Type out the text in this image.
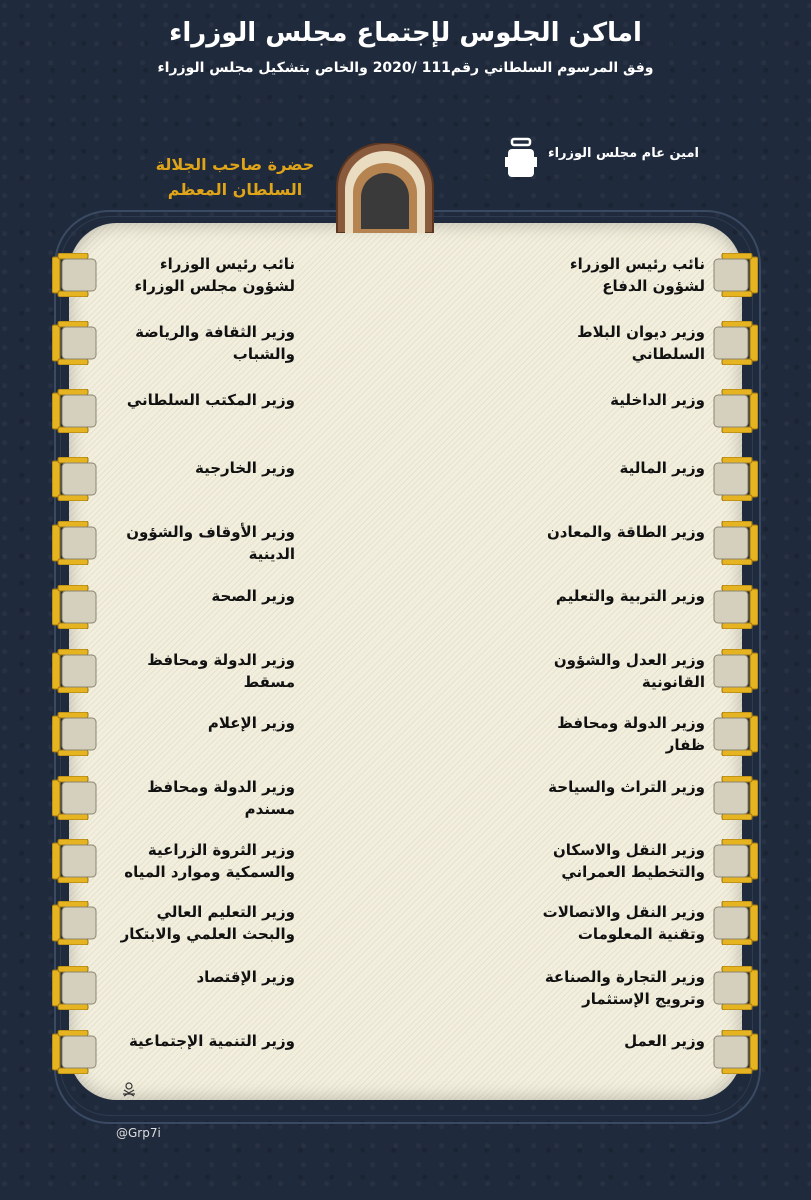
اماكن الجلوس لإجتماع مجلس الوزراء
وفق المرسوم السلطاني رقم111 /2020 والخاص بتشكيل مجلس الوزراء
امين عام مجلس الوزراء
حضرة صاحب الجلالة
السلطان المعظم
نائب رئيس الوزراء
لشؤون الدفاع
وزير ديوان البلاط
السلطاني
وزير الداخلية
وزير المالية
وزير الطاقة والمعادن
وزير التربية والتعليم
وزير العدل والشؤون
القانونية
وزير الدولة ومحافظ
ظفار
وزير التراث والسياحة
وزير النقل والاسكان
والتخطيط العمراني
وزير النقل والاتصالات
وتقنية المعلومات
وزير التجارة والصناعة
وترويج الإستثمار
وزير العمل
نائب رئيس الوزراء
لشؤون مجلس الوزراء
وزير الثقافة والرياضة
والشباب
وزير المكتب السلطاني
وزير الخارجية
وزير الأوقاف والشؤون
الدينية
وزير الصحة
وزير الدولة ومحافظ
مسقط
وزير الإعلام
وزير الدولة ومحافظ
مسندم
وزير الثروة الزراعية
والسمكية وموارد المياه
وزير التعليم العالي
والبحث العلمي والابتكار
وزير الإقتصاد
وزير التنمية الإجتماعية
@Grp7i
